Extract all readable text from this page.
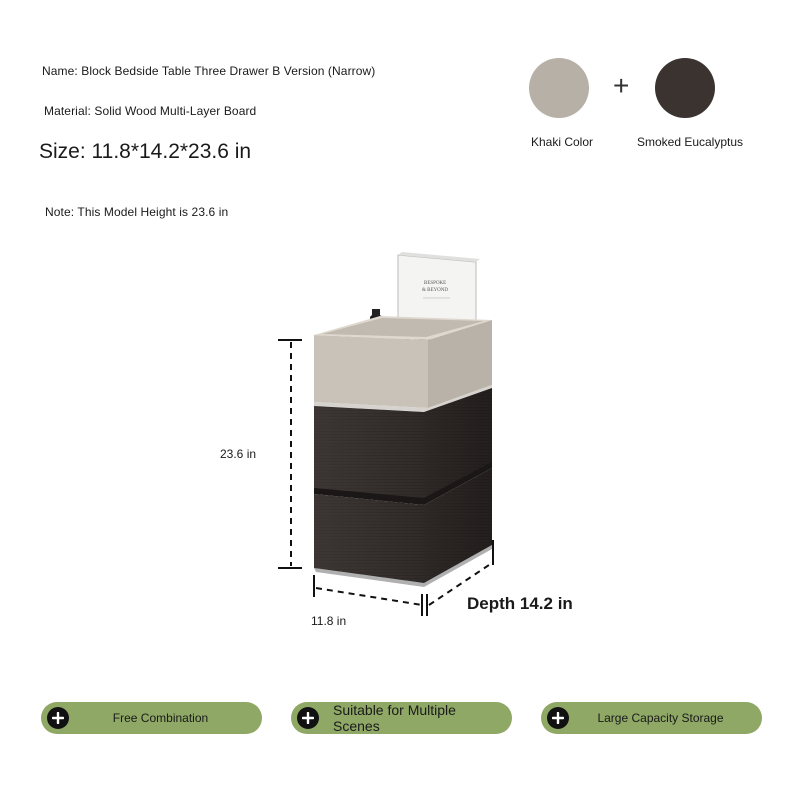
Name: Block Bedside Table Three Drawer B Version (Narrow)
Material: Solid Wood Multi-Layer Board
Size: 11.8*14.2*23.6 in
Note: This Model Height is 23.6 in
+
Khaki Color	Smoked Eucalyptus
BESPOKE
& BEYOND
23.6 in
11.8 in
Depth 14.2 in
Free Combination	Suitable for Multiple
Scenes	Large Capacity Storage
